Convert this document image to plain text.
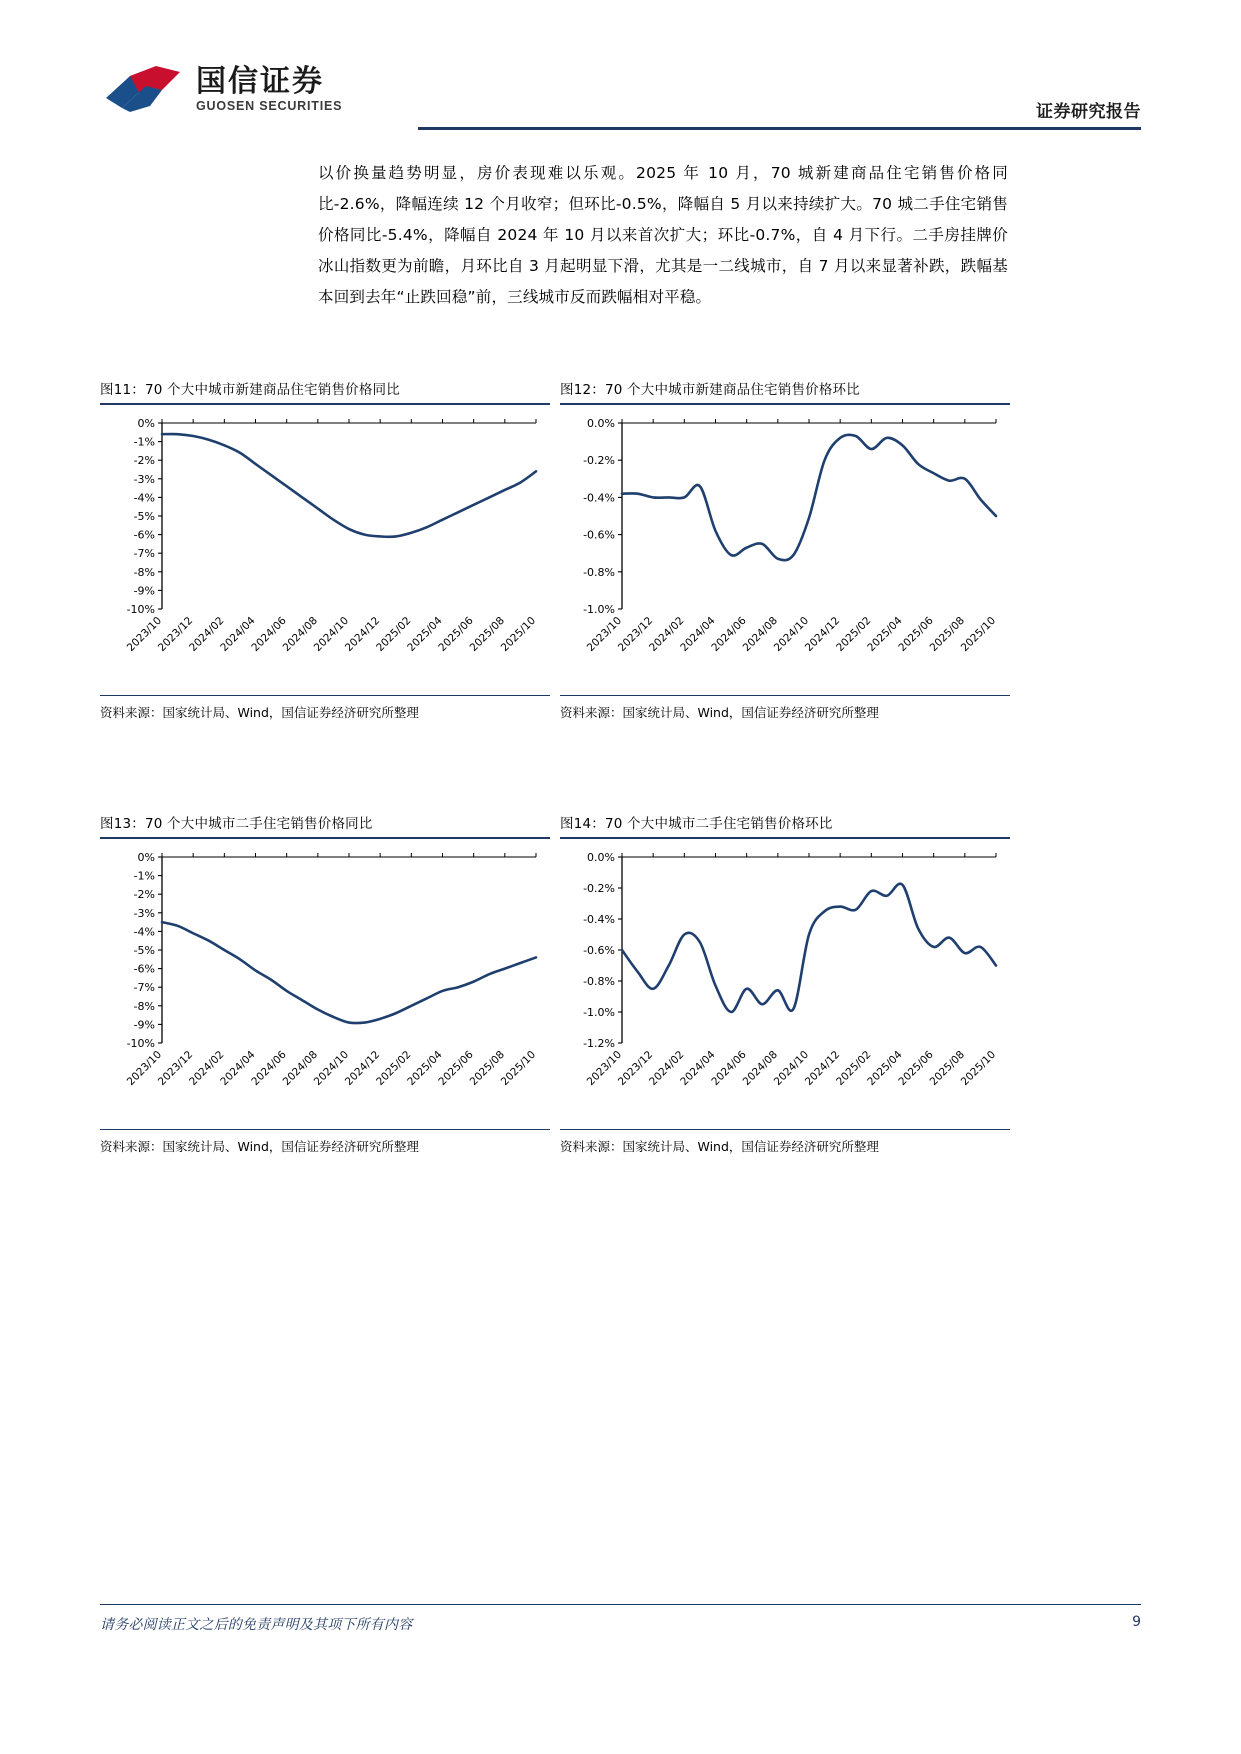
国信证券
GUOSEN SECURITIES	证券研究报告
以价换量趋势明显，房价表现难以乐观。2025 年 10 月，70 城新建商品住宅销售价格同比-2.6%，降幅连续 12 个月收窄；但环比-0.5%，降幅自 5 月以来持续扩大。70 城二手住宅销售价格同比-5.4%，降幅自 2024 年 10 月以来首次扩大；环比-0.7%，自 4 月下行。二手房挂牌价冰山指数更为前瞻，月环比自 3 月起明显下滑，尤其是一二线城市，自 7 月以来显著补跌，跌幅基本回到去年“止跌回稳”前，三线城市反而跌幅相对平稳。
图11：70 个大中城市新建商品住宅销售价格同比
0%
-1%
-2%
-3%
-4%
-5%
-6%
-7%
-8%
-9%
-10%
2023/10
2023/12
2024/02
2024/04
2024/06
2024/08
2024/10
2024/12
2025/02
2025/04
2025/06
2025/08
2025/10
资料来源：国家统计局、Wind，国信证券经济研究所整理
图12：70 个大中城市新建商品住宅销售价格环比
0.0%
-0.2%
-0.4%
-0.6%
-0.8%
-1.0%
2023/10
2023/12
2024/02
2024/04
2024/06
2024/08
2024/10
2024/12
2025/02
2025/04
2025/06
2025/08
2025/10
资料来源：国家统计局、Wind，国信证券经济研究所整理
图13：70 个大中城市二手住宅销售价格同比
0%
-1%
-2%
-3%
-4%
-5%
-6%
-7%
-8%
-9%
-10%
2023/10
2023/12
2024/02
2024/04
2024/06
2024/08
2024/10
2024/12
2025/02
2025/04
2025/06
2025/08
2025/10
资料来源：国家统计局、Wind，国信证券经济研究所整理
图14：70 个大中城市二手住宅销售价格环比
0.0%
-0.2%
-0.4%
-0.6%
-0.8%
-1.0%
-1.2%
2023/10
2023/12
2024/02
2024/04
2024/06
2024/08
2024/10
2024/12
2025/02
2025/04
2025/06
2025/08
2025/10
资料来源：国家统计局、Wind，国信证券经济研究所整理
请务必阅读正文之后的免责声明及其项下所有内容	9
